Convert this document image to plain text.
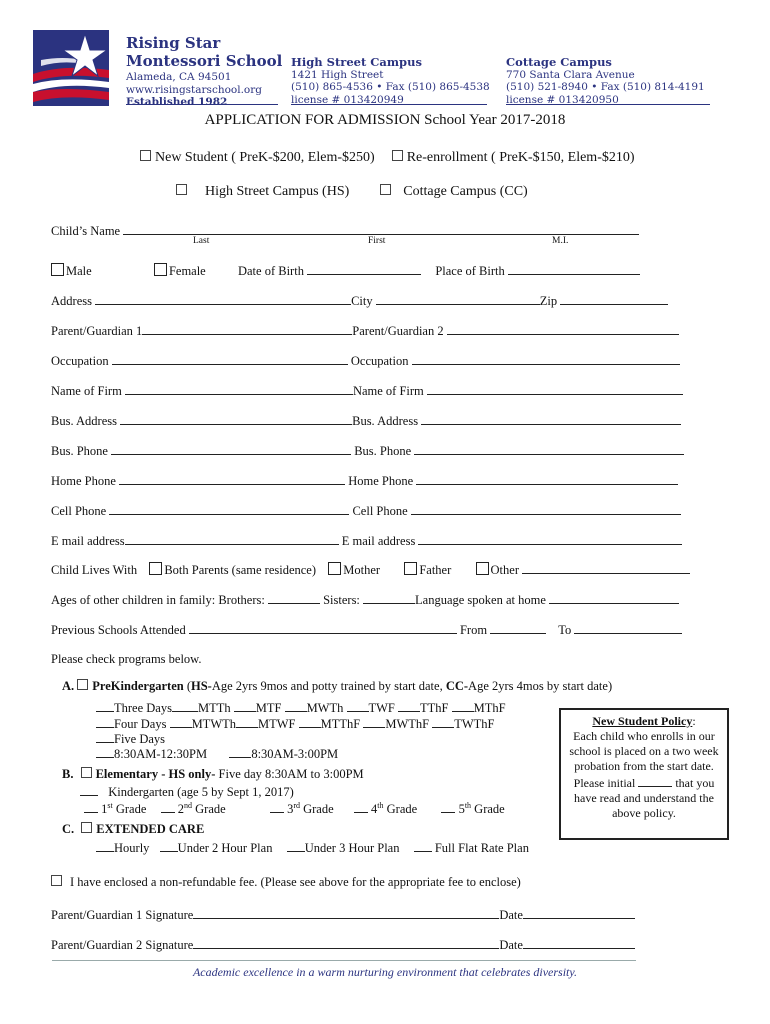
Rising Star
Montessori School
Alameda, CA 94501
www.risingstarschool.org
Established 1982
High Street Campus
1421 High Street
(510) 865-4536 • Fax (510) 865-4538
license # 013420949
Cottage Campus
770 Santa Clara Avenue
(510) 521-8940 • Fax (510) 814-4191
license # 013420950
APPLICATION FOR ADMISSION School Year 2017-2018
New Student ( PreK-$200, Elem-$250) Re-enrollment ( PreK-$150, Elem-$210)
High Street Campus (HS)	Cottage Campus (CC)
Child’s Name
Last	First	M.I.
Male	Female	Date of Birth	Place of Birth
Address	City	Zip
Parent/Guardian 1	Parent/Guardian 2
Occupation	Occupation
Name of Firm	Name of Firm
Bus. Address	Bus. Address
Bus. Phone	Bus. Phone
Home Phone	Home Phone
Cell Phone	Cell Phone
E mail address	E mail address
Child Lives With Both Parents (same residence) Mother	Father	Other
Ages of other children in family: Brothers:	Sisters:	Language spoken at home
Previous Schools Attended	From	To
Please check programs below.
A. PreKindergarten (HS-Age 2yrs 9mos and potty trained by start date, CC-Age 2yrs 4mos by start date)
Three Days MTTh MTF MWTh TWF TThF MThF
Four Days MTWTh MTWF MTThF MWThF TWThF
Five Days
8:30AM-12:30PM	8:30AM-3:00PM
B. Elementary - HS only- Five day 8:30AM to 3:00PM
Kindergarten (age 5 by Sept 1, 2017)
1st Grade	2nd Grade	3rd Grade	4th Grade	5th Grade
C. EXTENDED CARE
Hourly Under 2 Hour Plan	Under 3 Hour Plan	Full Flat Rate Plan
New Student Policy:
Each child who enrolls in our school is placed on a two week probation from the start date.
Please initial	that you have read and understand the above policy.
I have enclosed a non-refundable fee. (Please see above for the appropriate fee to enclose)
Parent/Guardian 1 Signature	Date
Parent/Guardian 2 Signature	Date
Academic excellence in a warm nurturing environment that celebrates diversity.
